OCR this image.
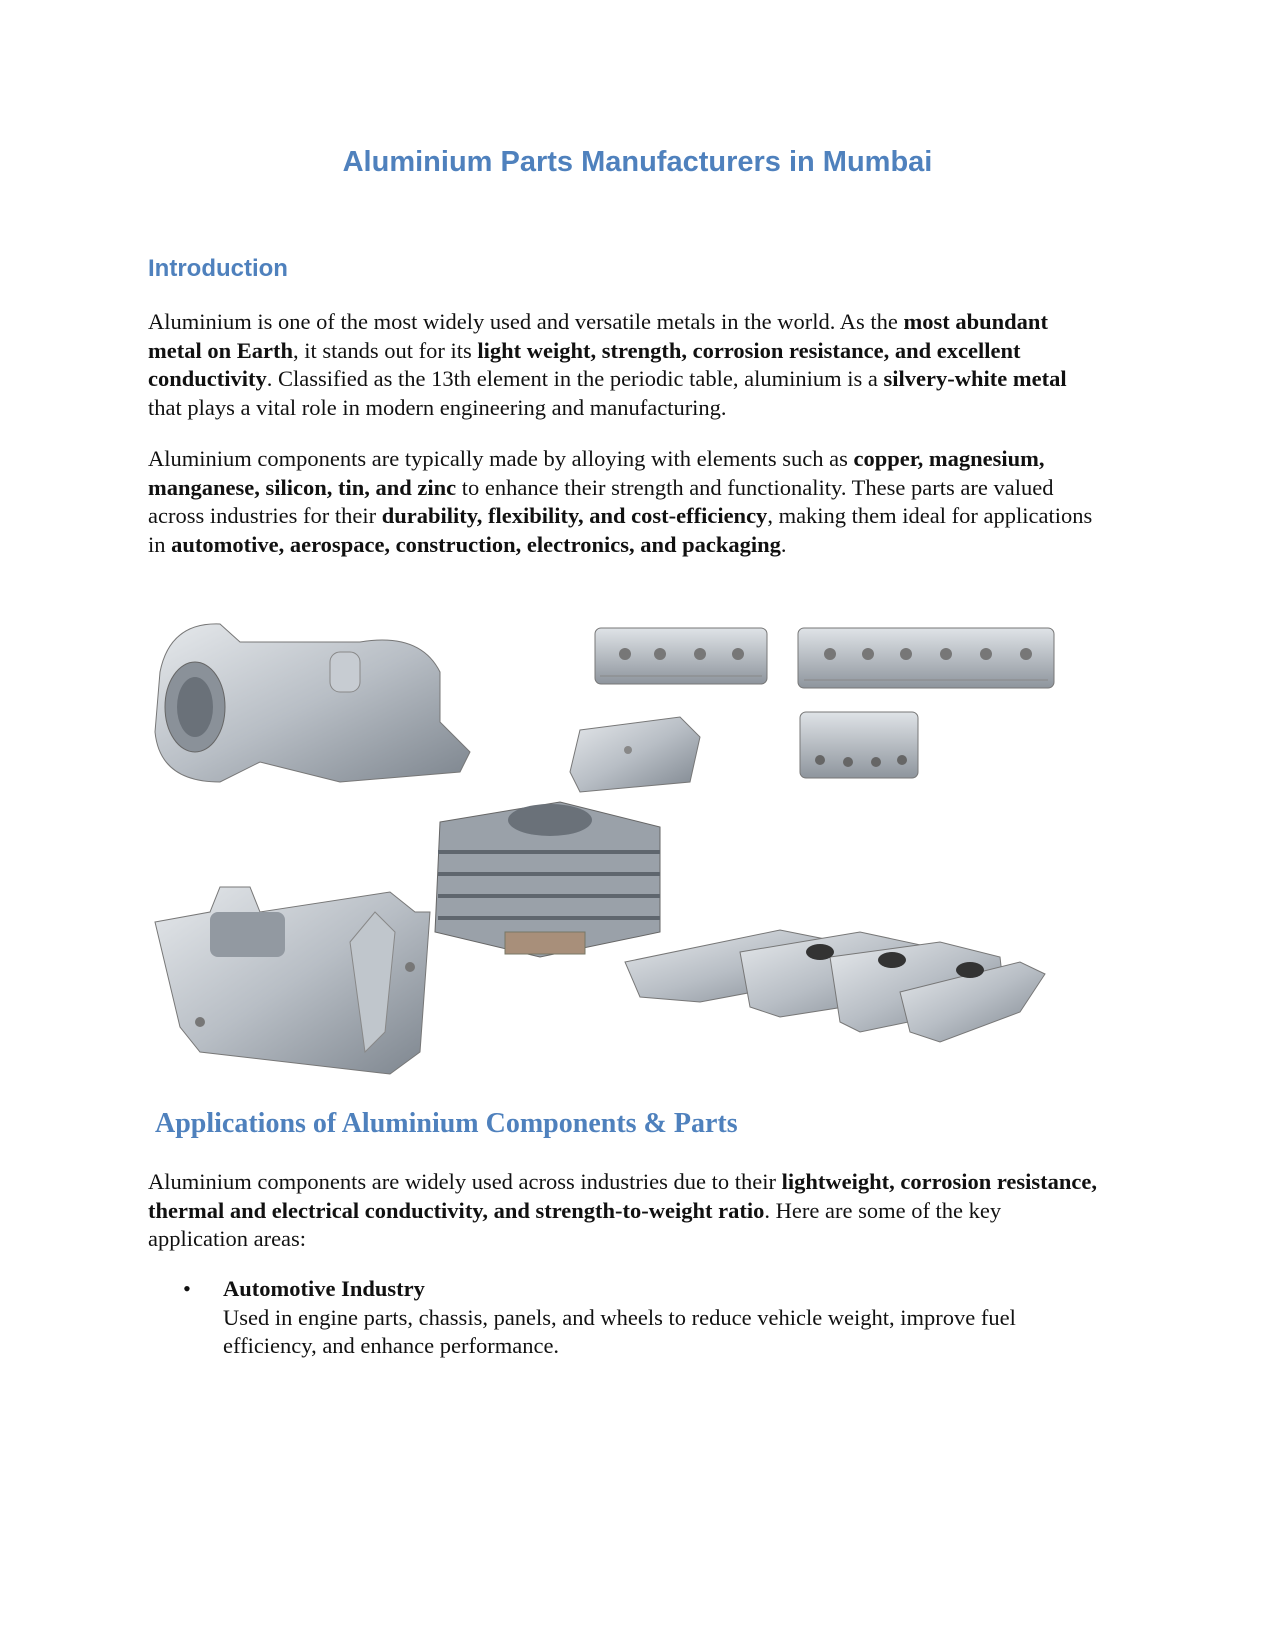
Aluminium Parts Manufacturers in Mumbai
Introduction

Aluminium is one of the most widely used and versatile metals in the world. As the most abundant metal on Earth, it stands out for its light weight, strength, corrosion resistance, and excellent conductivity. Classified as the 13th element in the periodic table, aluminium is a silvery-white metal that plays a vital role in modern engineering and manufacturing.

Aluminium components are typically made by alloying with elements such as copper, magnesium, manganese, silicon, tin, and zinc to enhance their strength and functionality. These parts are valued across industries for their durability, flexibility, and cost-efficiency, making them ideal for applications in automotive, aerospace, construction, electronics, and packaging.

Applications of Aluminium Components & Parts

Aluminium components are widely used across industries due to their lightweight, corrosion resistance, thermal and electrical conductivity, and strength-to-weight ratio. Here are some of the key application areas:

• Automotive Industry
Used in engine parts, chassis, panels, and wheels to reduce vehicle weight, improve fuel efficiency, and enhance performance.
